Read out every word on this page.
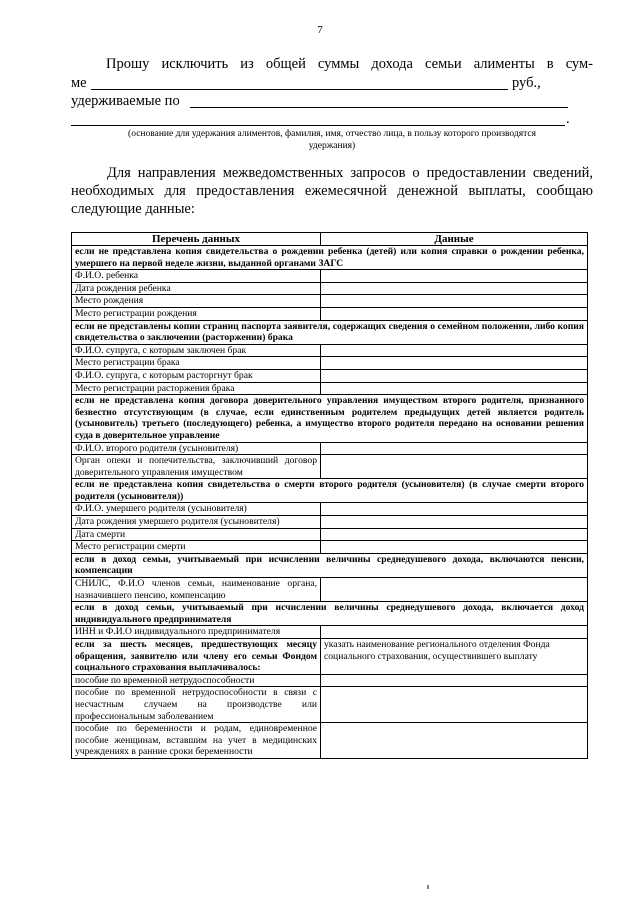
7
Прошу исключить из общей суммы дохода семьи алименты в сум-
ме	руб.,
удерживаемые по
.
(основание для удержания алиментов, фамилия, имя, отчество лица, в пользу которого производятся
удержания)
Для направления межведомственных запросов о предоставлении сведений, необходимых для предоставления ежемесячной денежной выплаты, сообщаю следующие данные:
Перечень данных	Данные
если не представлена копия свидетельства о рождении ребенка (детей) или копия справки о рождении ребенка, умершего на первой неделе жизни, выданной органами ЗАГС	
Ф.И.О. ребенка	
Дата рождения ребенка	
Место рождения	
Место регистрации рождения	
если не представлены копии страниц паспорта заявителя, содержащих сведения о семейном положении, либо копия свидетельства о заключении (расторжении) брака	
Ф.И.О. супруга, с которым заключен брак	
Место регистрации брака	
Ф.И.О. супруга, с которым расторгнут брак	
Место регистрации расторжения брака	
если не представлена копия договора доверительного управления имуществом второго родителя, признанного безвестно отсутствующим (в случае, если единственным родителем предыдущих детей является родитель (усыновитель) третьего (последующего) ребенка, а имущество второго родителя передано на основании решения суда в доверительное управление	
Ф.И.О. второго родителя (усыновителя)	
Орган опеки и попечительства, заключивший договор доверительного управления имуществом	
если не представлена копия свидетельства о смерти второго родителя (усыновителя) (в случае смерти второго родителя (усыновителя))	
Ф.И.О. умершего родителя (усыновителя)	
Дата рождения умершего родителя (усыновителя)	
Дата смерти	
Место регистрации смерти	
если в доход семьи, учитываемый при исчислении величины среднедушевого дохода, включаются пенсии, компенсации	
СНИЛС, Ф.И.О членов семьи, наименование органа, назначившего пенсию, компенсацию	
если в доход семьи, учитываемый при исчислении величины среднедушевого дохода, включается доход индивидуального предпринимателя	
ИНН и Ф.И.О индивидуального предпринимателя	
если за шесть месяцев, предшествующих месяцу обращения, заявителю или члену его семьи Фондом социального страхования выплачивалось:	указать наименование регионального отделения Фонда социального страхования, осуществившего выплату
пособие по временной нетрудоспособности	
пособие по временной нетрудоспособности в связи с несчастным случаем на производстве или профессиональным заболеванием	
пособие по беременности и родам, единовременное пособие женщинам, вставшим на учет в медицинских учреждениях в ранние сроки беременности	
